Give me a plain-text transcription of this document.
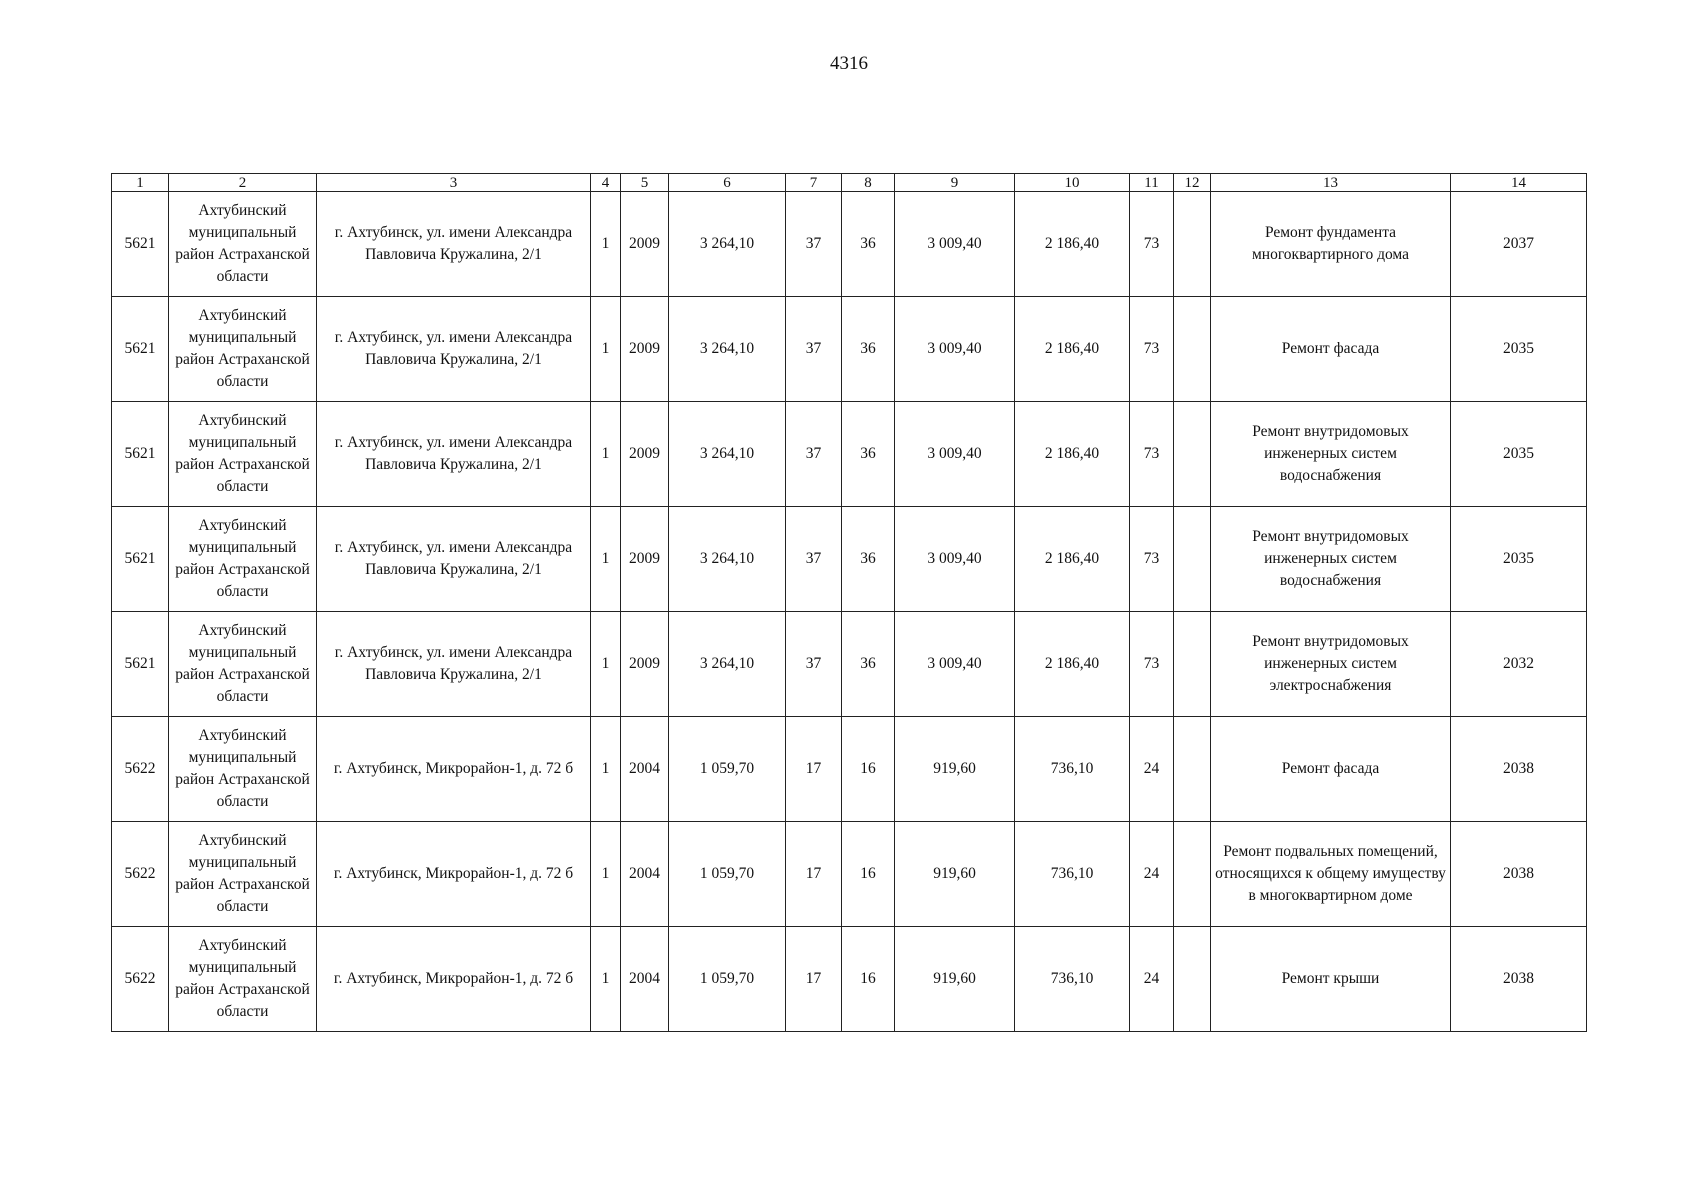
4316
1	2	3	4	5	6	7	8	9	10	11	12	13	14
5621	Ахтубинский муниципальный район Астраханской области	г. Ахтубинск, ул. имени Александра Павловича Кружалина, 2/1	1	2009	3 264,10	37	36	3 009,40	2 186,40	73		Ремонт фундамента многоквартирного дома	2037
5621	Ахтубинский муниципальный район Астраханской области	г. Ахтубинск, ул. имени Александра Павловича Кружалина, 2/1	1	2009	3 264,10	37	36	3 009,40	2 186,40	73		Ремонт фасада	2035
5621	Ахтубинский муниципальный район Астраханской области	г. Ахтубинск, ул. имени Александра Павловича Кружалина, 2/1	1	2009	3 264,10	37	36	3 009,40	2 186,40	73		Ремонт внутридомовых инженерных систем водоснабжения	2035
5621	Ахтубинский муниципальный район Астраханской области	г. Ахтубинск, ул. имени Александра Павловича Кружалина, 2/1	1	2009	3 264,10	37	36	3 009,40	2 186,40	73		Ремонт внутридомовых инженерных систем водоснабжения	2035
5621	Ахтубинский муниципальный район Астраханской области	г. Ахтубинск, ул. имени Александра Павловича Кружалина, 2/1	1	2009	3 264,10	37	36	3 009,40	2 186,40	73		Ремонт внутридомовых инженерных систем электроснабжения	2032
5622	Ахтубинский муниципальный район Астраханской области	г. Ахтубинск, Микрорайон-1, д. 72 б	1	2004	1 059,70	17	16	919,60	736,10	24		Ремонт фасада	2038
5622	Ахтубинский муниципальный район Астраханской области	г. Ахтубинск, Микрорайон-1, д. 72 б	1	2004	1 059,70	17	16	919,60	736,10	24		Ремонт подвальных помещений, относящихся к общему имуществу в многоквартирном доме	2038
5622	Ахтубинский муниципальный район Астраханской области	г. Ахтубинск, Микрорайон-1, д. 72 б	1	2004	1 059,70	17	16	919,60	736,10	24		Ремонт крыши	2038
